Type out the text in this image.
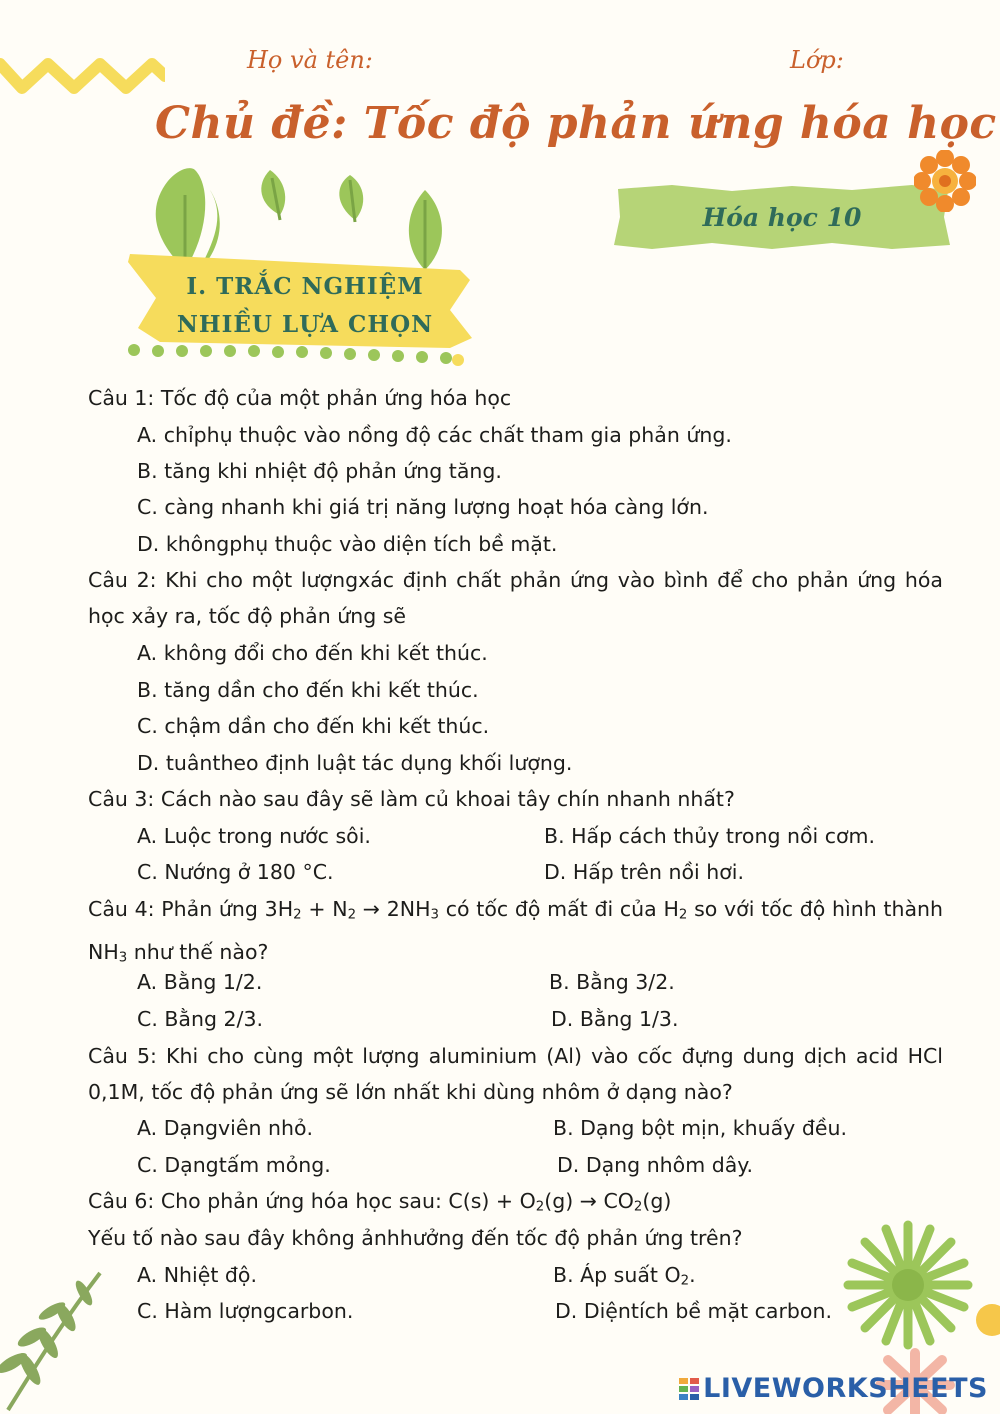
Họ và tên:	Lớp:
Chủ đề: Tốc độ phản ứng hóa học
Hóa học 10
I. TRẮC NGHIỆM
NHIỀU LỰA CHỌN
Câu 1: Tốc độ của một phản ứng hóa học
A. chỉphụ thuộc vào nồng độ các chất tham gia phản ứng.
B. tăng khi nhiệt độ phản ứng tăng.
C. càng nhanh khi giá trị năng lượng hoạt hóa càng lớn.
D. khôngphụ thuộc vào diện tích bề mặt.
Câu 2: Khi cho một lượngxác định chất phản ứng vào bình để cho phản ứng hóa học xảy ra, tốc độ phản ứng sẽ
A. không đổi cho đến khi kết thúc.
B. tăng dần cho đến khi kết thúc.
C. chậm dần cho đến khi kết thúc.
D. tuântheo định luật tác dụng khối lượng.
Câu 3: Cách nào sau đây sẽ làm củ khoai tây chín nhanh nhất?
A. Luộc trong nước sôi.	B. Hấp cách thủy trong nồi cơm.
C. Nướng ở 180 °C.	D. Hấp trên nồi hơi.
Câu 4: Phản ứng $3H_2 + N_2 \to 2NH_3$ có tốc độ mất đi của $H_2$ so với tốc độ hình thành $NH_3$ như thế nào?
A. Bằng 1/2.	B. Bằng 3/2.
C. Bằng 2/3.	D. Bằng 1/3.
Câu 5: Khi cho cùng một lượng aluminium (Al) vào cốc đựng dung dịch acid HCl 0,1M, tốc độ phản ứng sẽ lớn nhất khi dùng nhôm ở dạng nào?
A. Dạngviên nhỏ.	B. Dạng bột mịn, khuấy đều.
C. Dạngtấm mỏng.	D. Dạng nhôm dây.
Câu 6: Cho phản ứng hóa học sau: $C(s) + O_2(g) \to CO_2(g)$
Yếu tố nào sau đây không ảnhhưởng đến tốc độ phản ứng trên?
A. Nhiệt độ.	B. Áp suất $O_2$.
C. Hàm lượngcarbon.	D. Diệntích bề mặt carbon.
LIVEWORKSHEETS
